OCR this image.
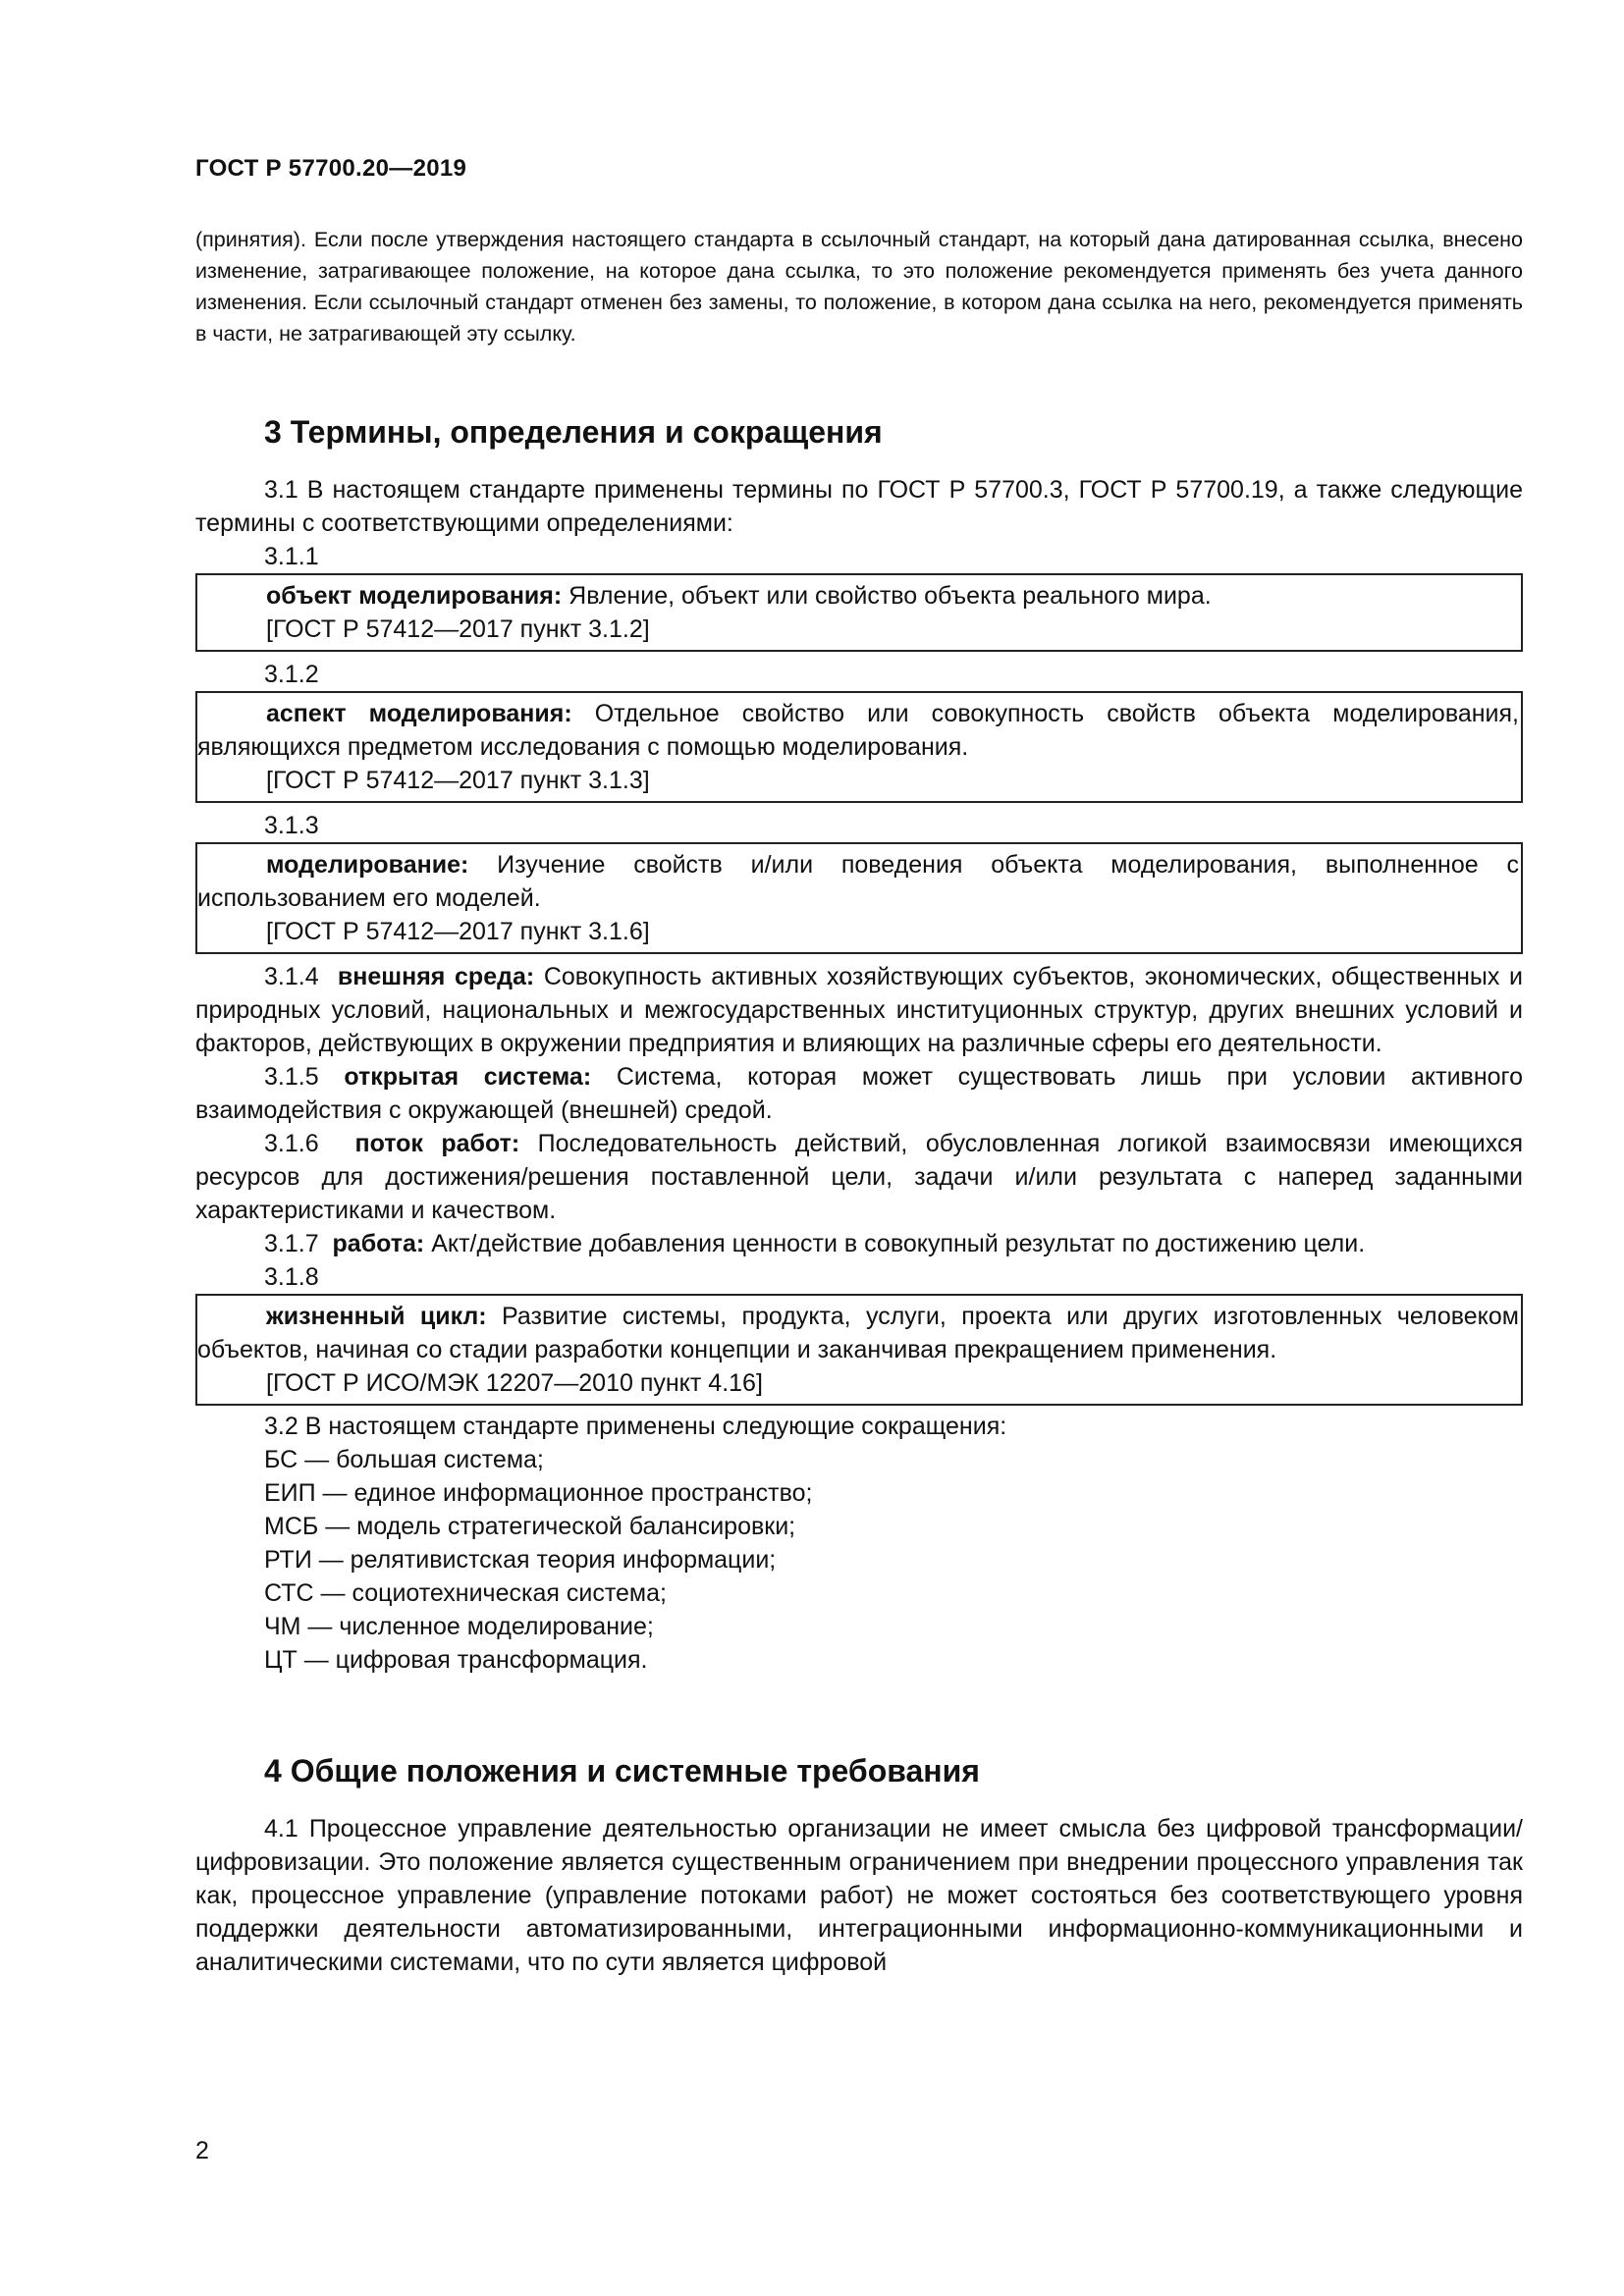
ГОСТ Р 57700.20—2019

(принятия). Если после утверждения настоящего стандарта в ссылочный стандарт, на который дана датированная ссылка, внесено изменение, затрагивающее положение, на которое дана ссылка, то это положение рекомендуется применять без учета данного изменения. Если ссылочный стандарт отменен без замены, то положение, в котором дана ссылка на него, рекомендуется применять в части, не затрагивающей эту ссылку.

3 Термины, определения и сокращения

3.1 В настоящем стандарте применены термины по ГОСТ Р 57700.3, ГОСТ Р 57700.19, а также следующие термины с соответствующими определениями:

3.1.1
объект моделирования: Явление, объект или свойство объекта реального мира.
[ГОСТ Р 57412—2017 пункт 3.1.2]
3.1.2
аспект моделирования: Отдельное свойство или совокупность свойств объекта моделирования, являющихся предметом исследования с помощью моделирования.
[ГОСТ Р 57412—2017 пункт 3.1.3]
3.1.3
моделирование: Изучение свойств и/или поведения объекта моделирования, выполненное с использованием его моделей.
[ГОСТ Р 57412—2017 пункт 3.1.6]

3.1.4 внешняя среда: Совокупность активных хозяйствующих субъектов, экономических, общественных и природных условий, национальных и межгосударственных институционных структур, других внешних условий и факторов, действующих в окружении предприятия и влияющих на различные сферы его деятельности.

3.1.5 открытая система: Система, которая может существовать лишь при условии активного взаимодействия с окружающей (внешней) средой.

3.1.6 поток работ: Последовательность действий, обусловленная логикой взаимосвязи имеющихся ресурсов для достижения/решения поставленной цели, задачи и/или результата с наперед заданными характеристиками и качеством.

3.1.7 работа: Акт/действие добавления ценности в совокупный результат по достижению цели.

3.1.8
жизненный цикл: Развитие системы, продукта, услуги, проекта или других изготовленных человеком объектов, начиная со стадии разработки концепции и заканчивая прекращением применения.
[ГОСТ Р ИСО/МЭК 12207—2010 пункт 4.16]

3.2 В настоящем стандарте применены следующие сокращения:

БС — большая система;
ЕИП — единое информационное пространство;
МСБ — модель стратегической балансировки;
РТИ — релятивистская теория информации;
СТС — социотехническая система;
ЧМ — численное моделирование;
ЦТ — цифровая трансформация.
4 Общие положения и системные требования

4.1 Процессное управление деятельностью организации не имеет смысла без цифровой трансформации/цифровизации. Это положение является существенным ограничением при внедрении процессного управления так как, процессное управление (управление потоками работ) не может состояться без соответствующего уровня поддержки деятельности автоматизированными, интеграционными информационно-коммуникационными и аналитическими системами, что по сути является цифровой

2
